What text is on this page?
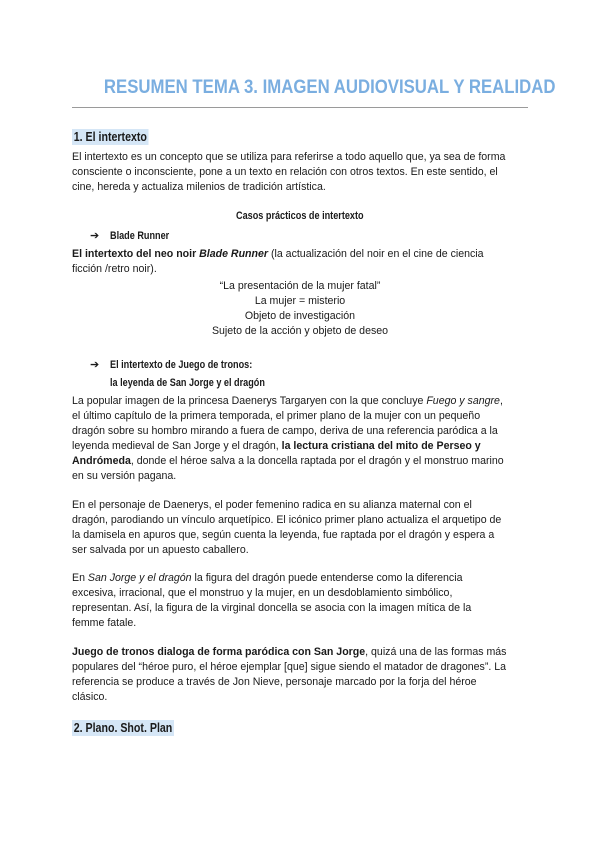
RESUMEN TEMA 3. IMAGEN AUDIOVISUAL Y REALIDAD
1. El intertexto

El intertexto es un concepto que se utiliza para referirse a todo aquello que, ya sea de forma

consciente o inconsciente, pone a un texto en relación con otros textos. En este sentido, el

cine, hereda y actualiza milenios de tradición artística.

Casos prácticos de intertexto
➔ Blade Runner

El intertexto del neo noir Blade Runner (la actualización del noir en el cine de ciencia

ficción /retro noir).

“La presentación de la mujer fatal”
La mujer = misterio
Objeto de investigación
Sujeto de la acción y objeto de deseo
➔ El intertexto de Juego de tronos:
la leyenda de San Jorge y el dragón

La popular imagen de la princesa Daenerys Targaryen con la que concluye Fuego y sangre,

el último capítulo de la primera temporada, el primer plano de la mujer con un pequeño

dragón sobre su hombro mirando a fuera de campo, deriva de una referencia paródica a la

leyenda medieval de San Jorge y el dragón, la lectura cristiana del mito de Perseo y

Andrómeda, donde el héroe salva a la doncella raptada por el dragón y el monstruo marino

en su versión pagana.

En el personaje de Daenerys, el poder femenino radica en su alianza maternal con el

dragón, parodiando un vínculo arquetípico. El icónico primer plano actualiza el arquetipo de

la damisela en apuros que, según cuenta la leyenda, fue raptada por el dragón y espera a

ser salvada por un apuesto caballero.

En San Jorge y el dragón la figura del dragón puede entenderse como la diferencia

excesiva, irracional, que el monstruo y la mujer, en un desdoblamiento simbólico,

representan. Así, la figura de la virginal doncella se asocia con la imagen mítica de la

femme fatale.

Juego de tronos dialoga de forma paródica con San Jorge, quizá una de las formas más

populares del “héroe puro, el héroe ejemplar [que] sigue siendo el matador de dragones”. La

referencia se produce a través de Jon Nieve, personaje marcado por la forja del héroe

clásico.

2. Plano. Shot. Plan
